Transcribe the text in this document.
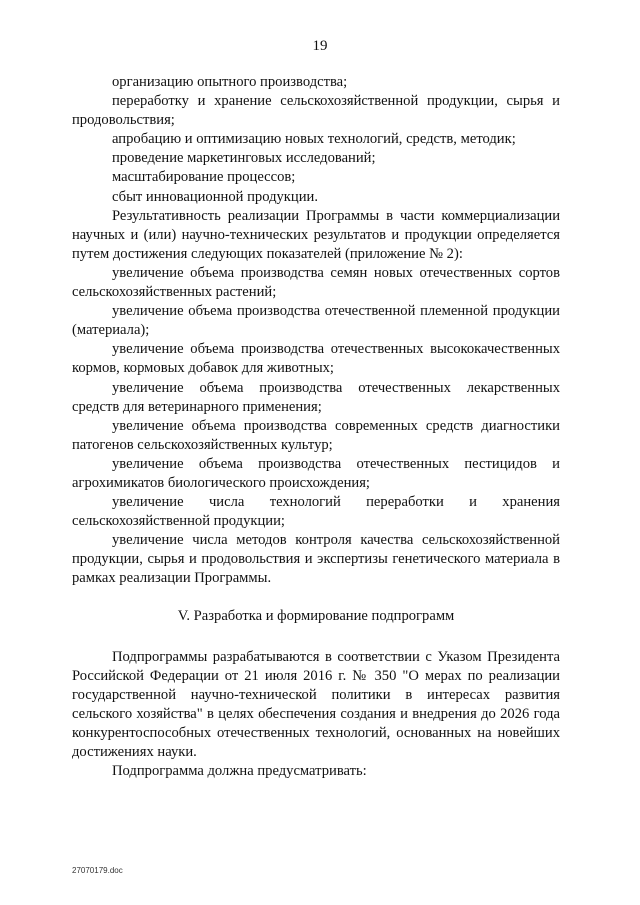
19

организацию опытного производства;

переработку и хранение сельскохозяйственной продукции, сырья и продовольствия;

апробацию и оптимизацию новых технологий, средств, методик;

проведение маркетинговых исследований;

масштабирование процессов;

сбыт инновационной продукции.

Результативность реализации Программы в части коммерциализации научных и (или) научно-технических результатов и продукции определяется путем достижения следующих показателей (приложение № 2):

увеличение объема производства семян новых отечественных сортов сельскохозяйственных растений;

увеличение объема производства отечественной племенной продукции (материала);

увеличение объема производства отечественных высококачественных кормов, кормовых добавок для животных;

увеличение объема производства отечественных лекарственных средств для ветеринарного применения;

увеличение объема производства современных средств диагностики патогенов сельскохозяйственных культур;

увеличение объема производства отечественных пестицидов и агрохимикатов биологического происхождения;

увеличение числа технологий переработки и хранения сельскохозяйственной продукции;

увеличение числа методов контроля качества сельскохозяйственной продукции, сырья и продовольствия и экспертизы генетического материала в рамках реализации Программы.

V. Разработка и формирование подпрограмм

Подпрограммы разрабатываются в соответствии с Указом Президента Российской Федерации от 21 июля 2016 г. № 350 "О мерах по реализации государственной научно-технической политики в интересах развития сельского хозяйства" в целях обеспечения создания и внедрения до 2026 года конкурентоспособных отечественных технологий, основанных на новейших достижениях науки.

Подпрограмма должна предусматривать:

27070179.doc
